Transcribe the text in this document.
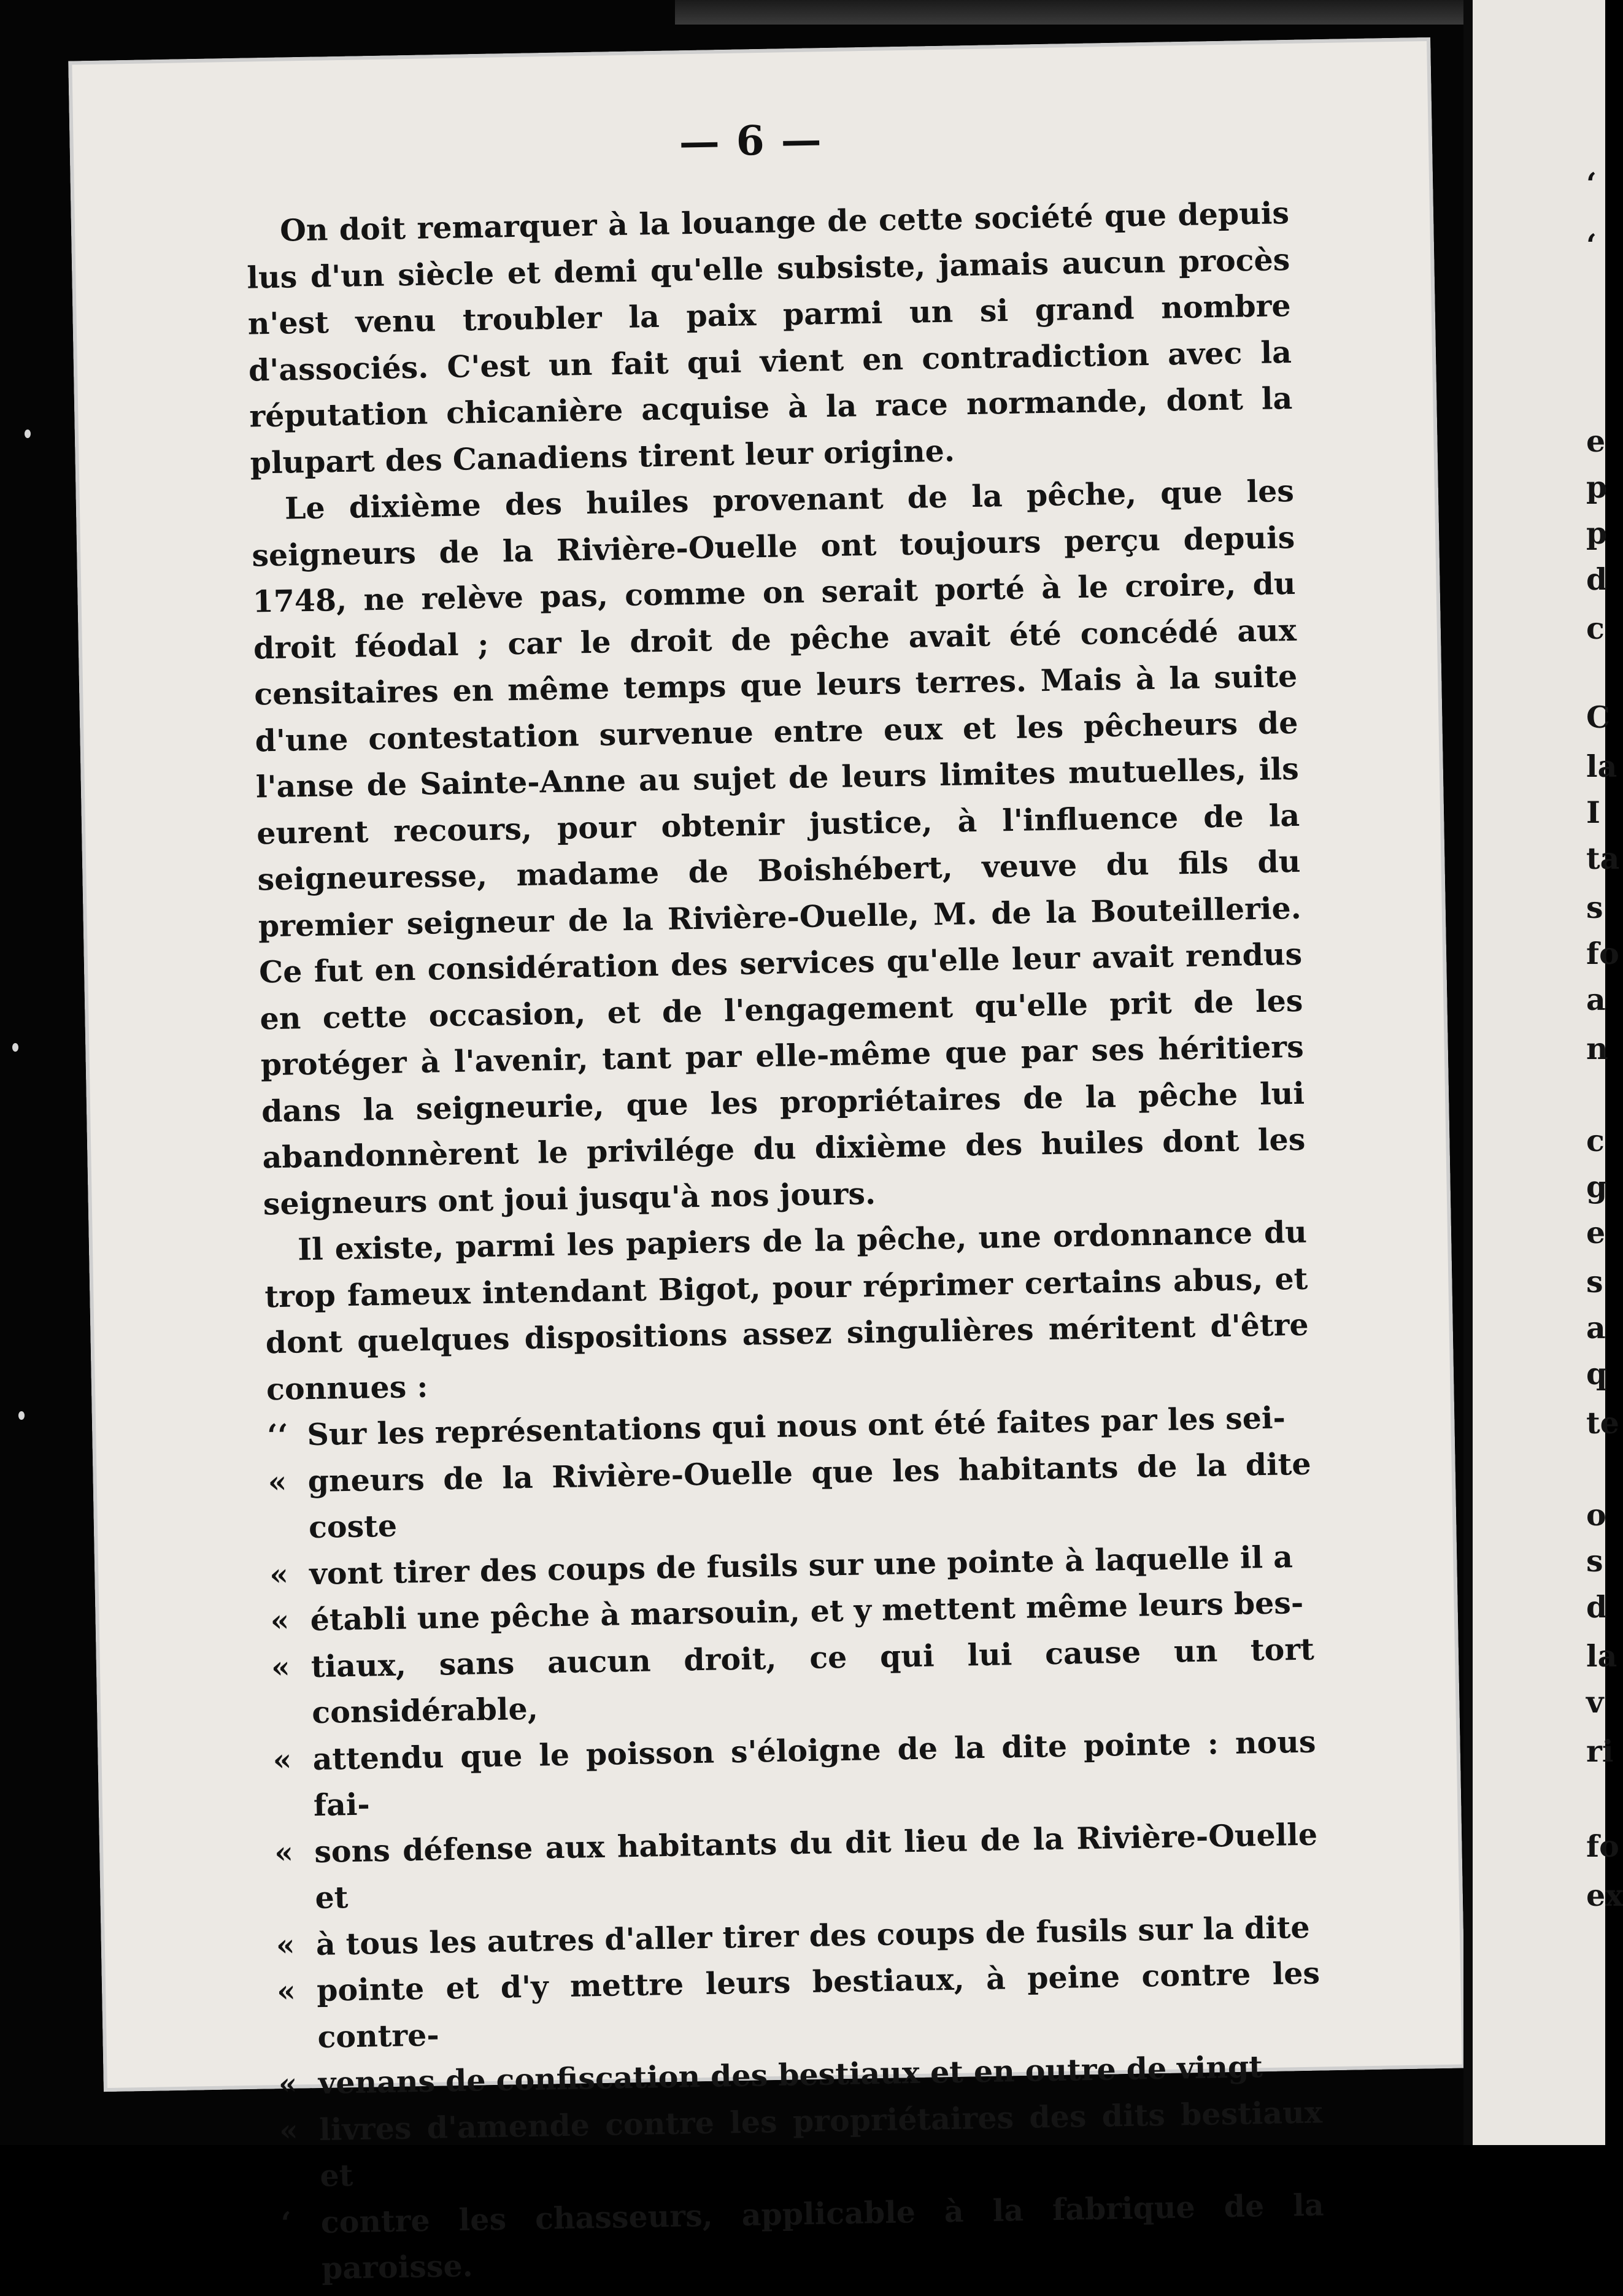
— 6 —

On doit remarquer à la louange de cette société que depuis lus d'un siècle et demi qu'elle subsiste, jamais aucun procès n'est venu troubler la paix parmi un si grand nombre d'associés. C'est un fait qui vient en contradiction avec la réputation chicanière acquise à la race normande, dont la plupart des Canadiens tirent leur origine.

Le dixième des huiles provenant de la pêche, que les seigneurs de la Rivière-Ouelle ont toujours perçu depuis 1748, ne relève pas, comme on serait porté à le croire, du droit féodal ; car le droit de pêche avait été concédé aux censitaires en même temps que leurs terres. Mais à la suite d'une contestation survenue entre eux et les pêcheurs de l'anse de Sainte-Anne au sujet de leurs limites mutuelles, ils eurent recours, pour obtenir justice, à l'influence de la seigneuresse, madame de Boishébert, veuve du fils du premier seigneur de la Rivière-Ouelle, M. de la Bouteillerie. Ce fut en considération des services qu'elle leur avait rendus en cette occasion, et de l'engagement qu'elle prit de les protéger à l'avenir, tant par elle-même que par ses héritiers dans la seigneurie, que les propriétaires de la pêche lui abandonnèrent le privilége du dixième des huiles dont les seigneurs ont joui jusqu'à nos jours.

Il existe, parmi les papiers de la pêche, une ordonnance du trop fameux intendant Bigot, pour réprimer certains abus, et dont quelques dispositions assez singulières méritent d'être connues :

‘‘ Sur les représentations qui nous ont été faites par les sei-

« gneurs de la Rivière-Ouelle que les habitants de la dite coste

« vont tirer des coups de fusils sur une pointe à laquelle il a

« établi une pêche à marsouin, et y mettent même leurs bes-

« tiaux, sans aucun droit, ce qui lui cause un tort considérable,

« attendu que le poisson s'éloigne de la dite pointe : nous fai-

« sons défense aux habitants du dit lieu de la Rivière-Ouelle et

« à tous les autres d'aller tirer des coups de fusils sur la dite

« pointe et d'y mettre leurs bestiaux, à peine contre les contre-

« venans de confiscation des bestiaux et en outre de vingt

« livres d'amende contre les propriétaires des dits bestiaux et

‘ contre les chasseurs, applicable à la fabrique de la paroisse.

‘
‘
e
p
p
d
c
C
la
I
ta
s
fo
a
n
c
g
e
s
a
q
te
o
s
d
la
v
ri
fo
ex
